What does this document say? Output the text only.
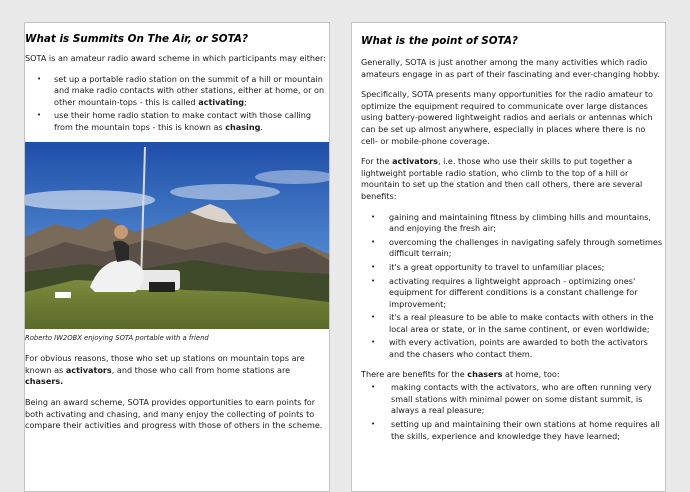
What is Summits On The Air, or SOTA?

SOTA is an amateur radio award scheme in which participants may either:

• set up a portable radio station on the summit of a hill or mountain and make radio contacts with other stations, either at home, or on other mountain-tops - this is called activating;
• use their home radio station to make contact with those calling from the mountain tops - this is known as chasing.

Roberto IW2OBX enjoying SOTA portable with a friend

For obvious reasons, those who set up stations on mountain tops are known as activators, and those who call from home stations are chasers.

Being an award scheme, SOTA provides opportunities to earn points for both activating and chasing, and many enjoy the collecting of points to compare their activities and progress with those of others in the scheme.

What is the point of SOTA?

Generally, SOTA is just another among the many activities which radio amateurs engage in as part of their fascinating and ever-changing hobby.

Specifically, SOTA presents many opportunities for the radio amateur to optimize the equipment required to communicate over large distances using battery-powered lightweight radios and aerials or antennas which can be set up almost anywhere, especially in places where there is no cell- or mobile-phone coverage.

For the activators, i.e. those who use their skills to put together a lightweight portable radio station, who climb to the top of a hill or mountain to set up the station and then call others, there are several benefits:

• gaining and maintaining fitness by climbing hills and mountains, and enjoying the fresh air;
• overcoming the challenges in navigating safely through sometimes difficult terrain;
• it's a great opportunity to travel to unfamiliar places;
• activating requires a lightweight approach - optimizing ones' equipment for different conditions is a constant challenge for improvement;
• it's a real pleasure to be able to make contacts with others in the local area or state, or in the same continent, or even worldwide;
• with every activation, points are awarded to both the activators and the chasers who contact them.

There are benefits for the chasers at home, too:

• making contacts with the activators, who are often running very small stations with minimal power on some distant summit, is always a real pleasure;
• setting up and maintaining their own stations at home requires all the skills, experience and knowledge they have learned;
